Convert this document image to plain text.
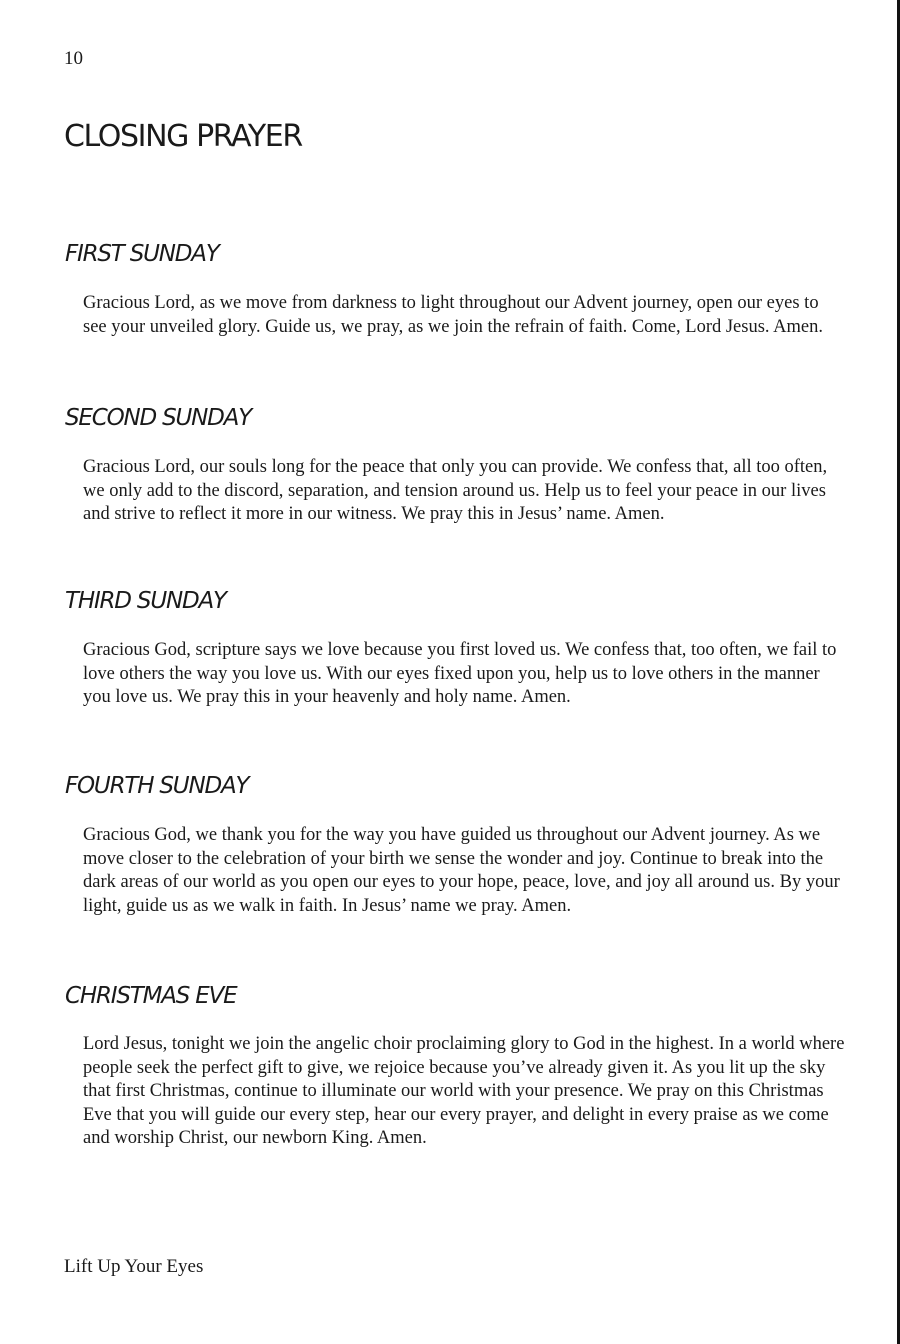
10
CLOSING PRAYER
FIRST SUNDAY

Gracious Lord, as we move from darkness to light throughout our Advent journey, open our eyes to see your unveiled glory. Guide us, we pray, as we join the refrain of faith. Come, Lord Jesus. Amen.

SECOND SUNDAY

Gracious Lord, our souls long for the peace that only you can provide. We confess that, all too often, we only add to the discord, separation, and tension around us. Help us to feel your peace in our lives and strive to reflect it more in our witness. We pray this in Jesus’ name. Amen.

THIRD SUNDAY

Gracious God, scripture says we love because you first loved us. We confess that, too often, we fail to love others the way you love us. With our eyes fixed upon you, help us to love others in the manner you love us. We pray this in your heavenly and holy name. Amen.

FOURTH SUNDAY

Gracious God, we thank you for the way you have guided us throughout our Advent journey. As we move closer to the celebration of your birth we sense the wonder and joy. Continue to break into the dark areas of our world as you open our eyes to your hope, peace, love, and joy all around us. By your light, guide us as we walk in faith. In Jesus’ name we pray. Amen.

CHRISTMAS EVE

Lord Jesus, tonight we join the angelic choir proclaiming glory to God in the highest. In a world where people seek the perfect gift to give, we rejoice because you’ve already given it. As you lit up the sky that first Christmas, continue to illuminate our world with your presence. We pray on this Christmas Eve that you will guide our every step, hear our every prayer, and delight in every praise as we come and worship Christ, our newborn King. Amen.

Lift Up Your Eyes
